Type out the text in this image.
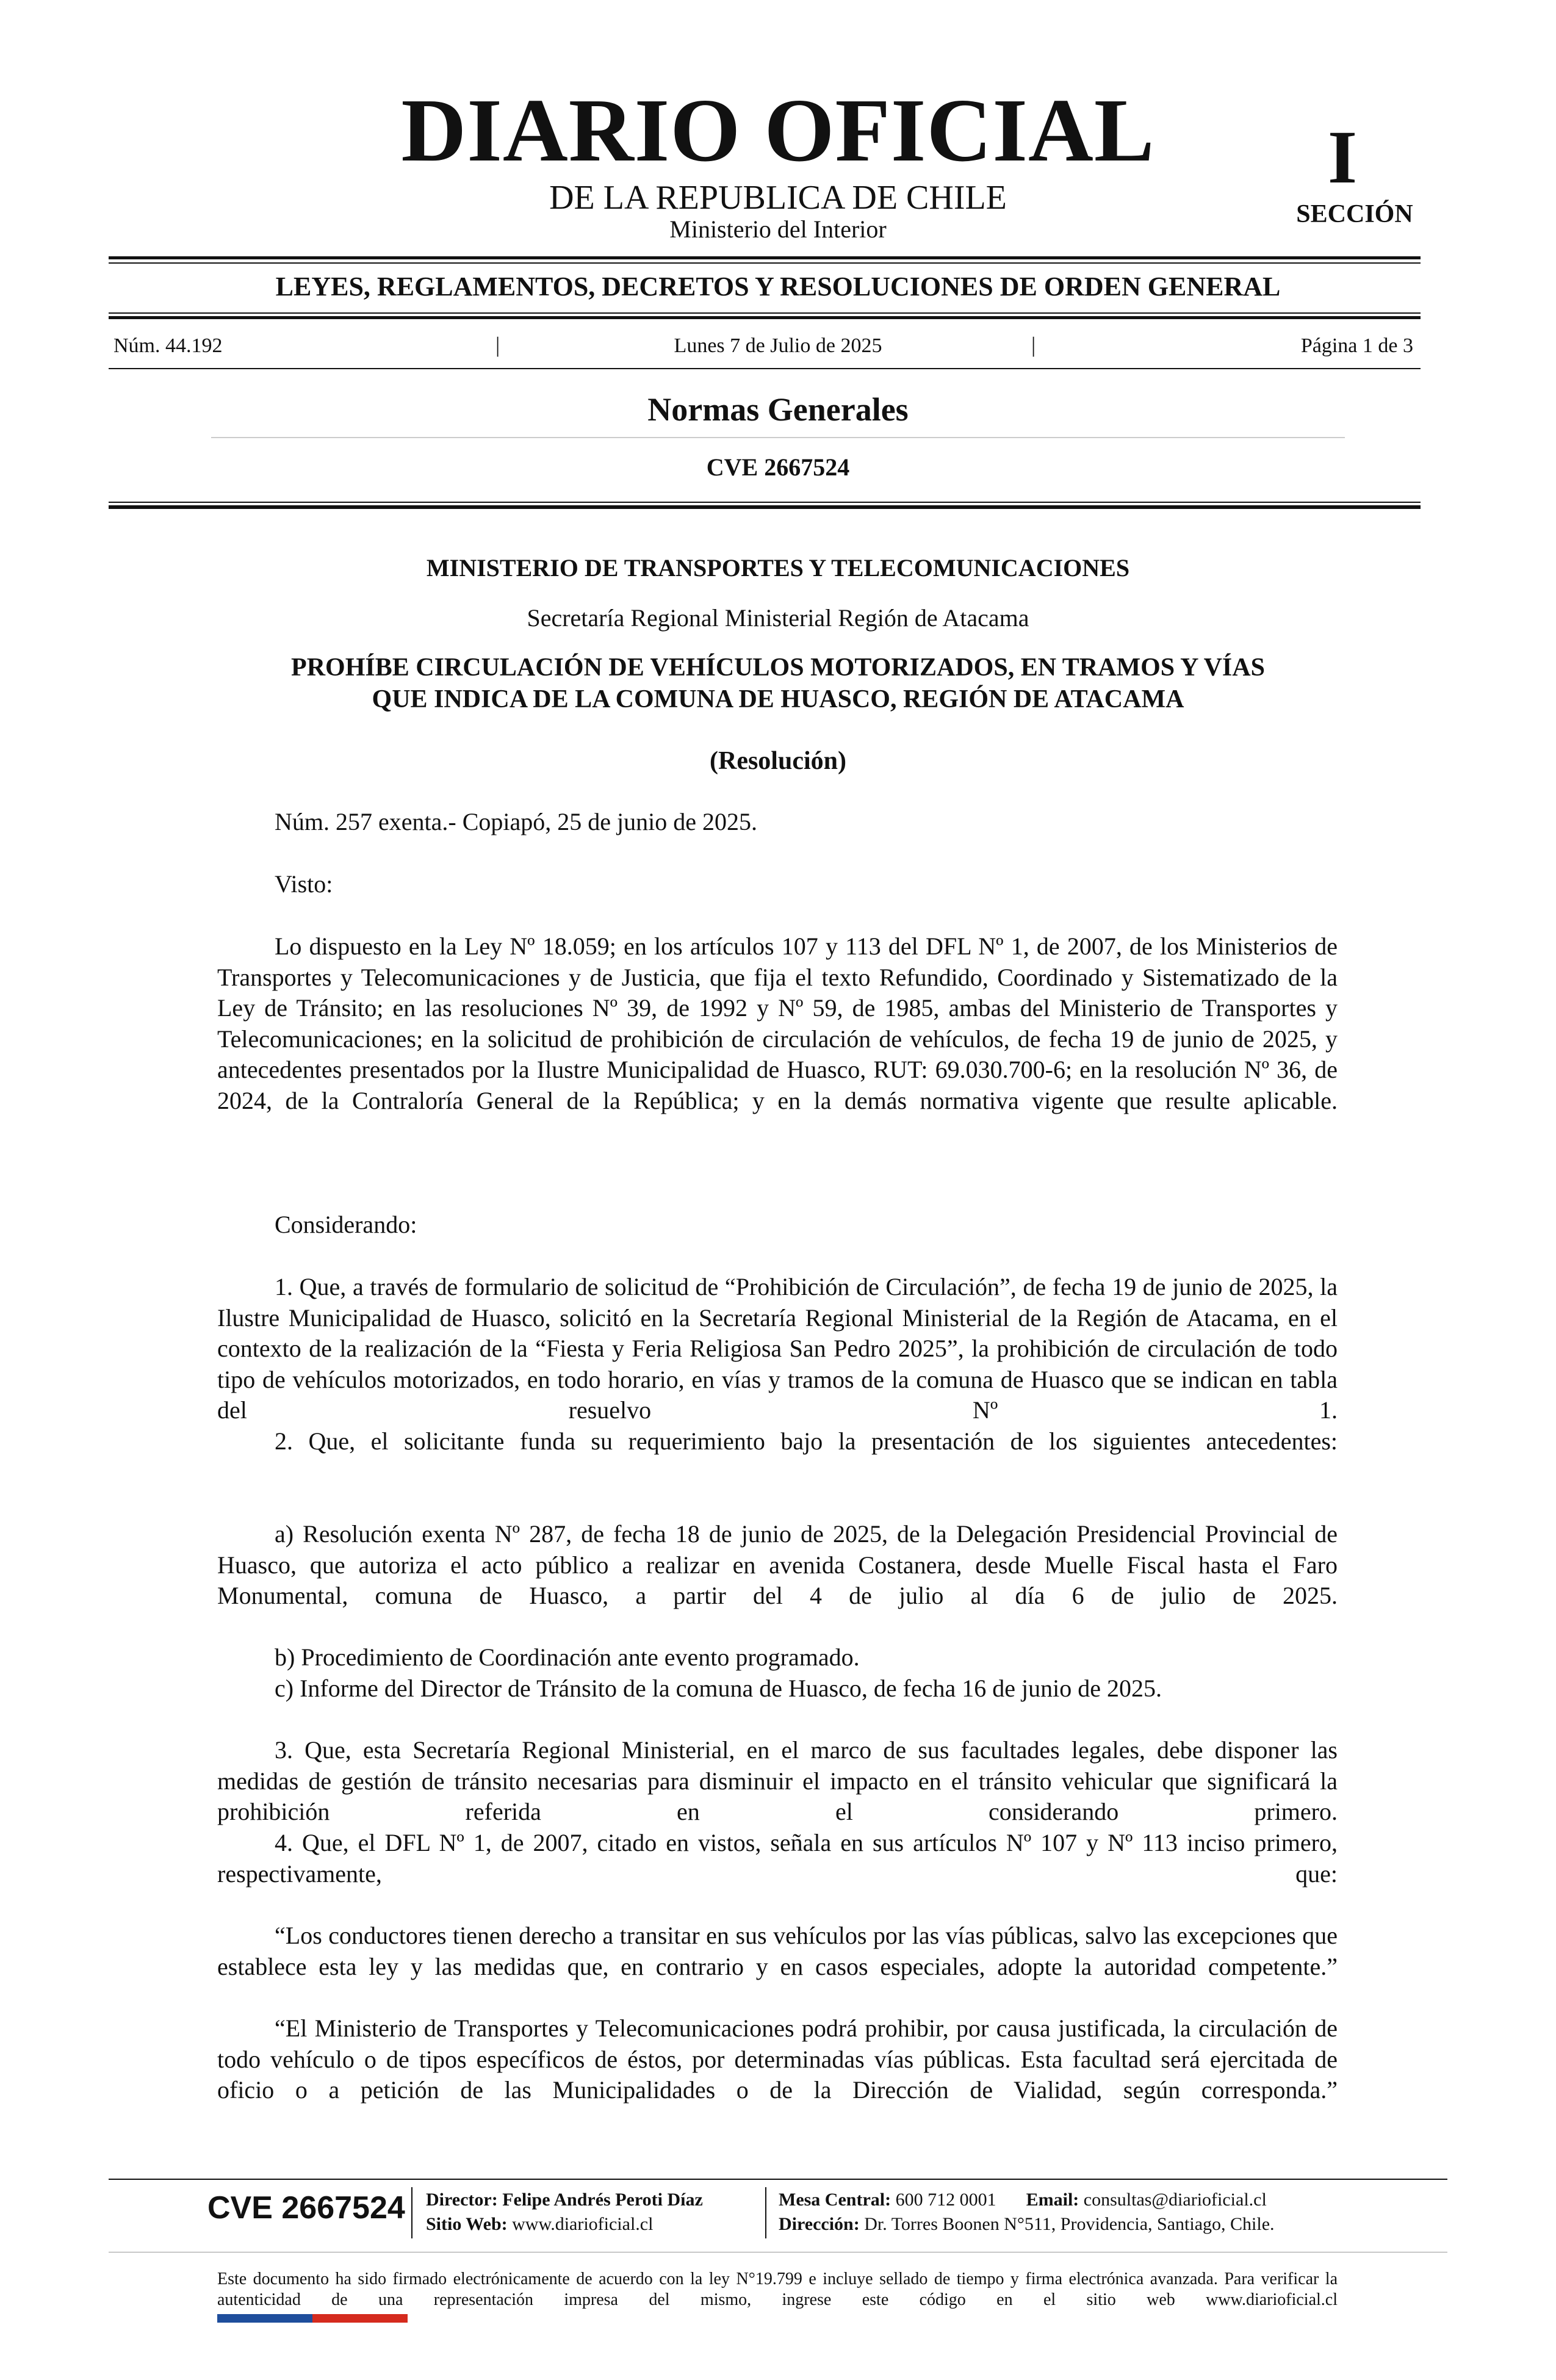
DIARIO OFICIAL
DE LA REPUBLICA DE CHILE
Ministerio del Interior
I
SECCIÓN
LEYES, REGLAMENTOS, DECRETOS Y RESOLUCIONES DE ORDEN GENERAL
Núm. 44.192	|	Lunes 7 de Julio de 2025	|	Página 1 de 3
Normas Generales
CVE 2667524
MINISTERIO DE TRANSPORTES Y TELECOMUNICACIONES
Secretaría Regional Ministerial Región de Atacama
PROHÍBE CIRCULACIÓN DE VEHÍCULOS MOTORIZADOS, EN TRAMOS Y VÍAS
QUE INDICA DE LA COMUNA DE HUASCO, REGIÓN DE ATACAMA
(Resolución)
Núm. 257 exenta.- Copiapó, 25 de junio de 2025.
Visto:
Lo dispuesto en la Ley Nº 18.059; en los artículos 107 y 113 del DFL Nº 1, de 2007, de los Ministerios de Transportes y Telecomunicaciones y de Justicia, que fija el texto Refundido, Coordinado y Sistematizado de la Ley de Tránsito; en las resoluciones Nº 39, de 1992 y Nº 59, de 1985, ambas del Ministerio de Transportes y Telecomunicaciones; en la solicitud de prohibición de circulación de vehículos, de fecha 19 de junio de 2025, y antecedentes presentados por la Ilustre Municipalidad de Huasco, RUT: 69.030.700-6; en la resolución Nº 36, de 2024, de la Contraloría General de la República; y en la demás normativa vigente que resulte aplicable.
Considerando:
1. Que, a través de formulario de solicitud de “Prohibición de Circulación”, de fecha 19 de junio de 2025, la Ilustre Municipalidad de Huasco, solicitó en la Secretaría Regional Ministerial de la Región de Atacama, en el contexto de la realización de la “Fiesta y Feria Religiosa San Pedro 2025”, la prohibición de circulación de todo tipo de vehículos motorizados, en todo horario, en vías y tramos de la comuna de Huasco que se indican en tabla del resuelvo Nº 1.
2. Que, el solicitante funda su requerimiento bajo la presentación de los siguientes antecedentes:
a) Resolución exenta Nº 287, de fecha 18 de junio de 2025, de la Delegación Presidencial Provincial de Huasco, que autoriza el acto público a realizar en avenida Costanera, desde Muelle Fiscal hasta el Faro Monumental, comuna de Huasco, a partir del 4 de julio al día 6 de julio de 2025.
b) Procedimiento de Coordinación ante evento programado.
c) Informe del Director de Tránsito de la comuna de Huasco, de fecha 16 de junio de 2025.
3. Que, esta Secretaría Regional Ministerial, en el marco de sus facultades legales, debe disponer las medidas de gestión de tránsito necesarias para disminuir el impacto en el tránsito vehicular que significará la prohibición referida en el considerando primero.
4. Que, el DFL Nº 1, de 2007, citado en vistos, señala en sus artículos Nº 107 y Nº 113 inciso primero, respectivamente, que:
“Los conductores tienen derecho a transitar en sus vehículos por las vías públicas, salvo las excepciones que establece esta ley y las medidas que, en contrario y en casos especiales, adopte la autoridad competente.”
“El Ministerio de Transportes y Telecomunicaciones podrá prohibir, por causa justificada, la circulación de todo vehículo o de tipos específicos de éstos, por determinadas vías públicas. Esta facultad será ejercitada de oficio o a petición de las Municipalidades o de la Dirección de Vialidad, según corresponda.”
CVE 2667524 Director: Felipe Andrés Peroti Díaz
Sitio Web: www.diarioficial.cl
Mesa Central: 600 712 0001 Email: consultas@diarioficial.cl
Dirección: Dr. Torres Boonen N°511, Providencia, Santiago, Chile.
Este documento ha sido firmado electrónicamente de acuerdo con la ley N°19.799 e incluye sellado de tiempo y firma electrónica avanzada. Para verificar la autenticidad de una representación impresa del mismo, ingrese este código en el sitio web www.diarioficial.cl
